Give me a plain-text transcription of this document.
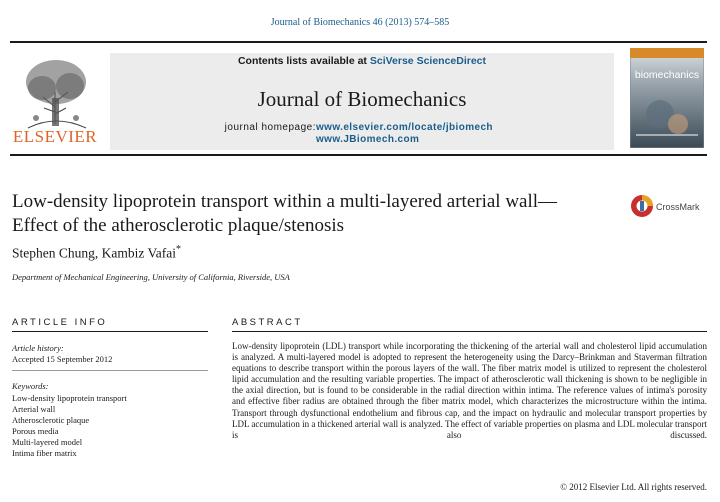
Journal of Biomechanics 46 (2013) 574–585
ELSEVIER
Contents lists available at SciVerse ScienceDirect
Journal of Biomechanics
journal homepage: www.elsevier.com/locate/jbiomech
www.JBiomech.com
biomechanics
Low-density lipoprotein transport within a multi-layered arterial wall—Effect of the atherosclerotic plaque/stenosis
CrossMark
Stephen Chung, Kambiz Vafai*
Department of Mechanical Engineering, University of California, Riverside, USA
ARTICLE INFO
Article history:
Accepted 15 September 2012
Keywords:
Low-density lipoprotein transport
Arterial wall
Atherosclerotic plaque
Porous media
Multi-layered model
Intima fiber matrix
ABSTRACT
Low-density lipoprotein (LDL) transport while incorporating the thickening of the arterial wall and cholesterol lipid accumulation is analyzed. A multi-layered model is adopted to represent the heterogeneity using the Darcy–Brinkman and Staverman filtration equations to describe transport within the porous layers of the wall. The fiber matrix model is utilized to represent the cholesterol lipid accumulation and the resulting variable properties. The impact of atherosclerotic wall thickening is shown to be negligible in the axial direction, but is found to be considerable in the radial direction within intima. The reference values of intima's porosity and effective fiber radius are obtained through the fiber matrix model, which characterizes the microstructure within the intima. Transport through dysfunctional endothelium and fibrous cap, and the impact on hydraulic and molecular transport properties by LDL accumulation in a thickened arterial wall is analyzed. The effect of variable properties on plasma and LDL molecular transport is also discussed.
© 2012 Elsevier Ltd. All rights reserved.
